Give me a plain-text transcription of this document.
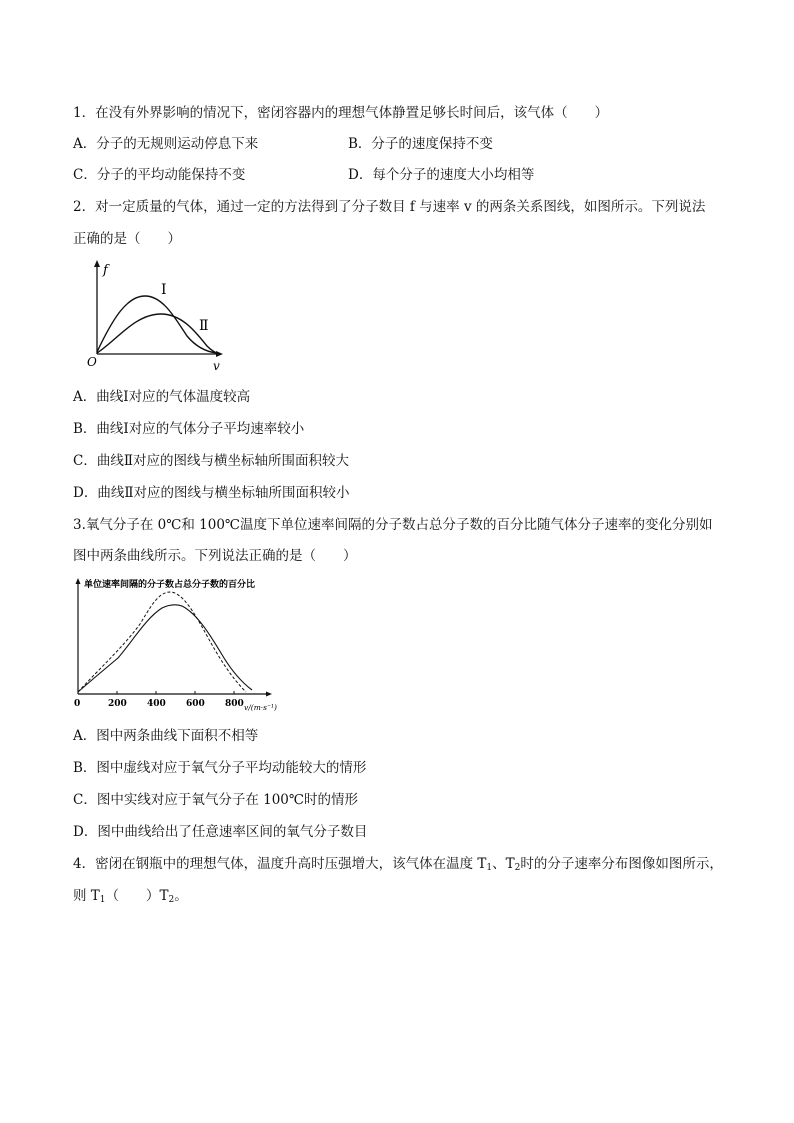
1．在没有外界影响的情况下，密闭容器内的理想气体静置足够长时间后，该气体（　　）
A．分子的无规则运动停息下来	B．分子的速度保持不变
C．分子的平均动能保持不变	D．每个分子的速度大小均相等
2．对一定质量的气体，通过一定的方法得到了分子数目 f 与速率 v 的两条关系图线，如图所示。下列说法
正确的是（　　）
f
O	v
Ⅰ
Ⅱ
A．曲线Ⅰ对应的气体温度较高
B．曲线Ⅰ对应的气体分子平均速率较小
C．曲线Ⅱ对应的图线与横坐标轴所围面积较大
D．曲线Ⅱ对应的图线与横坐标轴所围面积较小
3.氧气分子在 0℃和 100℃温度下单位速率间隔的分子数占总分子数的百分比随气体分子速率的变化分别如
图中两条曲线所示。下列说法正确的是（　　）
单位速率间隔的分子数占总分子数的百分比
0	200 400 600 800 v/(m·s⁻¹)
A．图中两条曲线下面积不相等
B．图中虚线对应于氧气分子平均动能较大的情形
C．图中实线对应于氧气分子在 100℃时的情形
D．图中曲线给出了任意速率区间的氧气分子数目
4．密闭在钢瓶中的理想气体，温度升高时压强增大，该气体在温度 $T_1$、$T_2$时的分子速率分布图像如图所示，
则 $T_1$（　　）$T_2$。
